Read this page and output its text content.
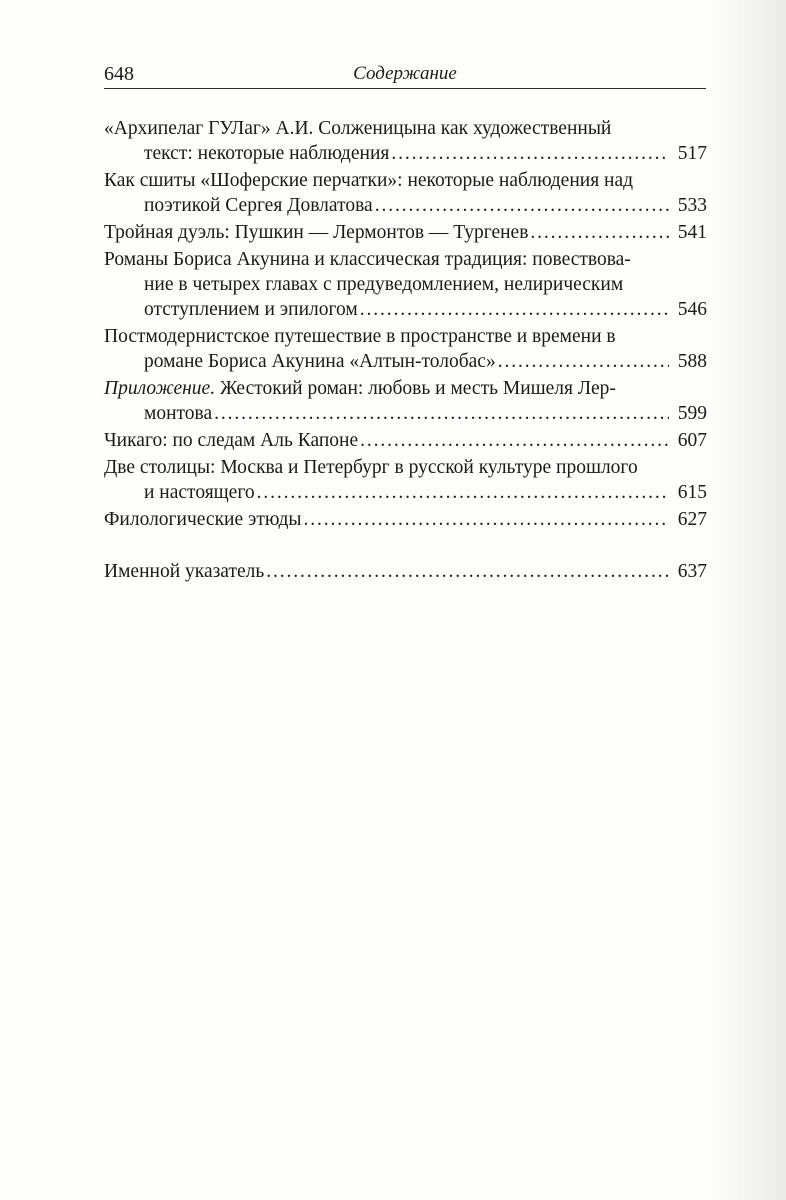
648	Содержание
«Архипелаг ГУЛаг» А.И. Солженицына как художественный
текст: некоторые наблюдения . . .	517
Как сшиты «Шоферские перчатки»: некоторые наблюдения над
поэтикой Сергея Довлатова . . .	533
Тройная дуэль: Пушкин — Лермонтов — Тургенев . . .	541
Романы Бориса Акунина и классическая традиция: повествова-
ние в четырех главах с предуведомлением, нелирическим
отступлением и эпилогом . . .	546
Постмодернистское путешествие в пространстве и времени в
романе Бориса Акунина «Алтын-толобас» . . .	588
Приложение. Жестокий роман: любовь и месть Мишеля Лер-
монтова . . .	599
Чикаго: по следам Аль Капоне . . .	607
Две столицы: Москва и Петербург в русской культуре прошлого
и настоящего . . .	615
Филологические этюды . . .	627
Именной указатель . . .	637
